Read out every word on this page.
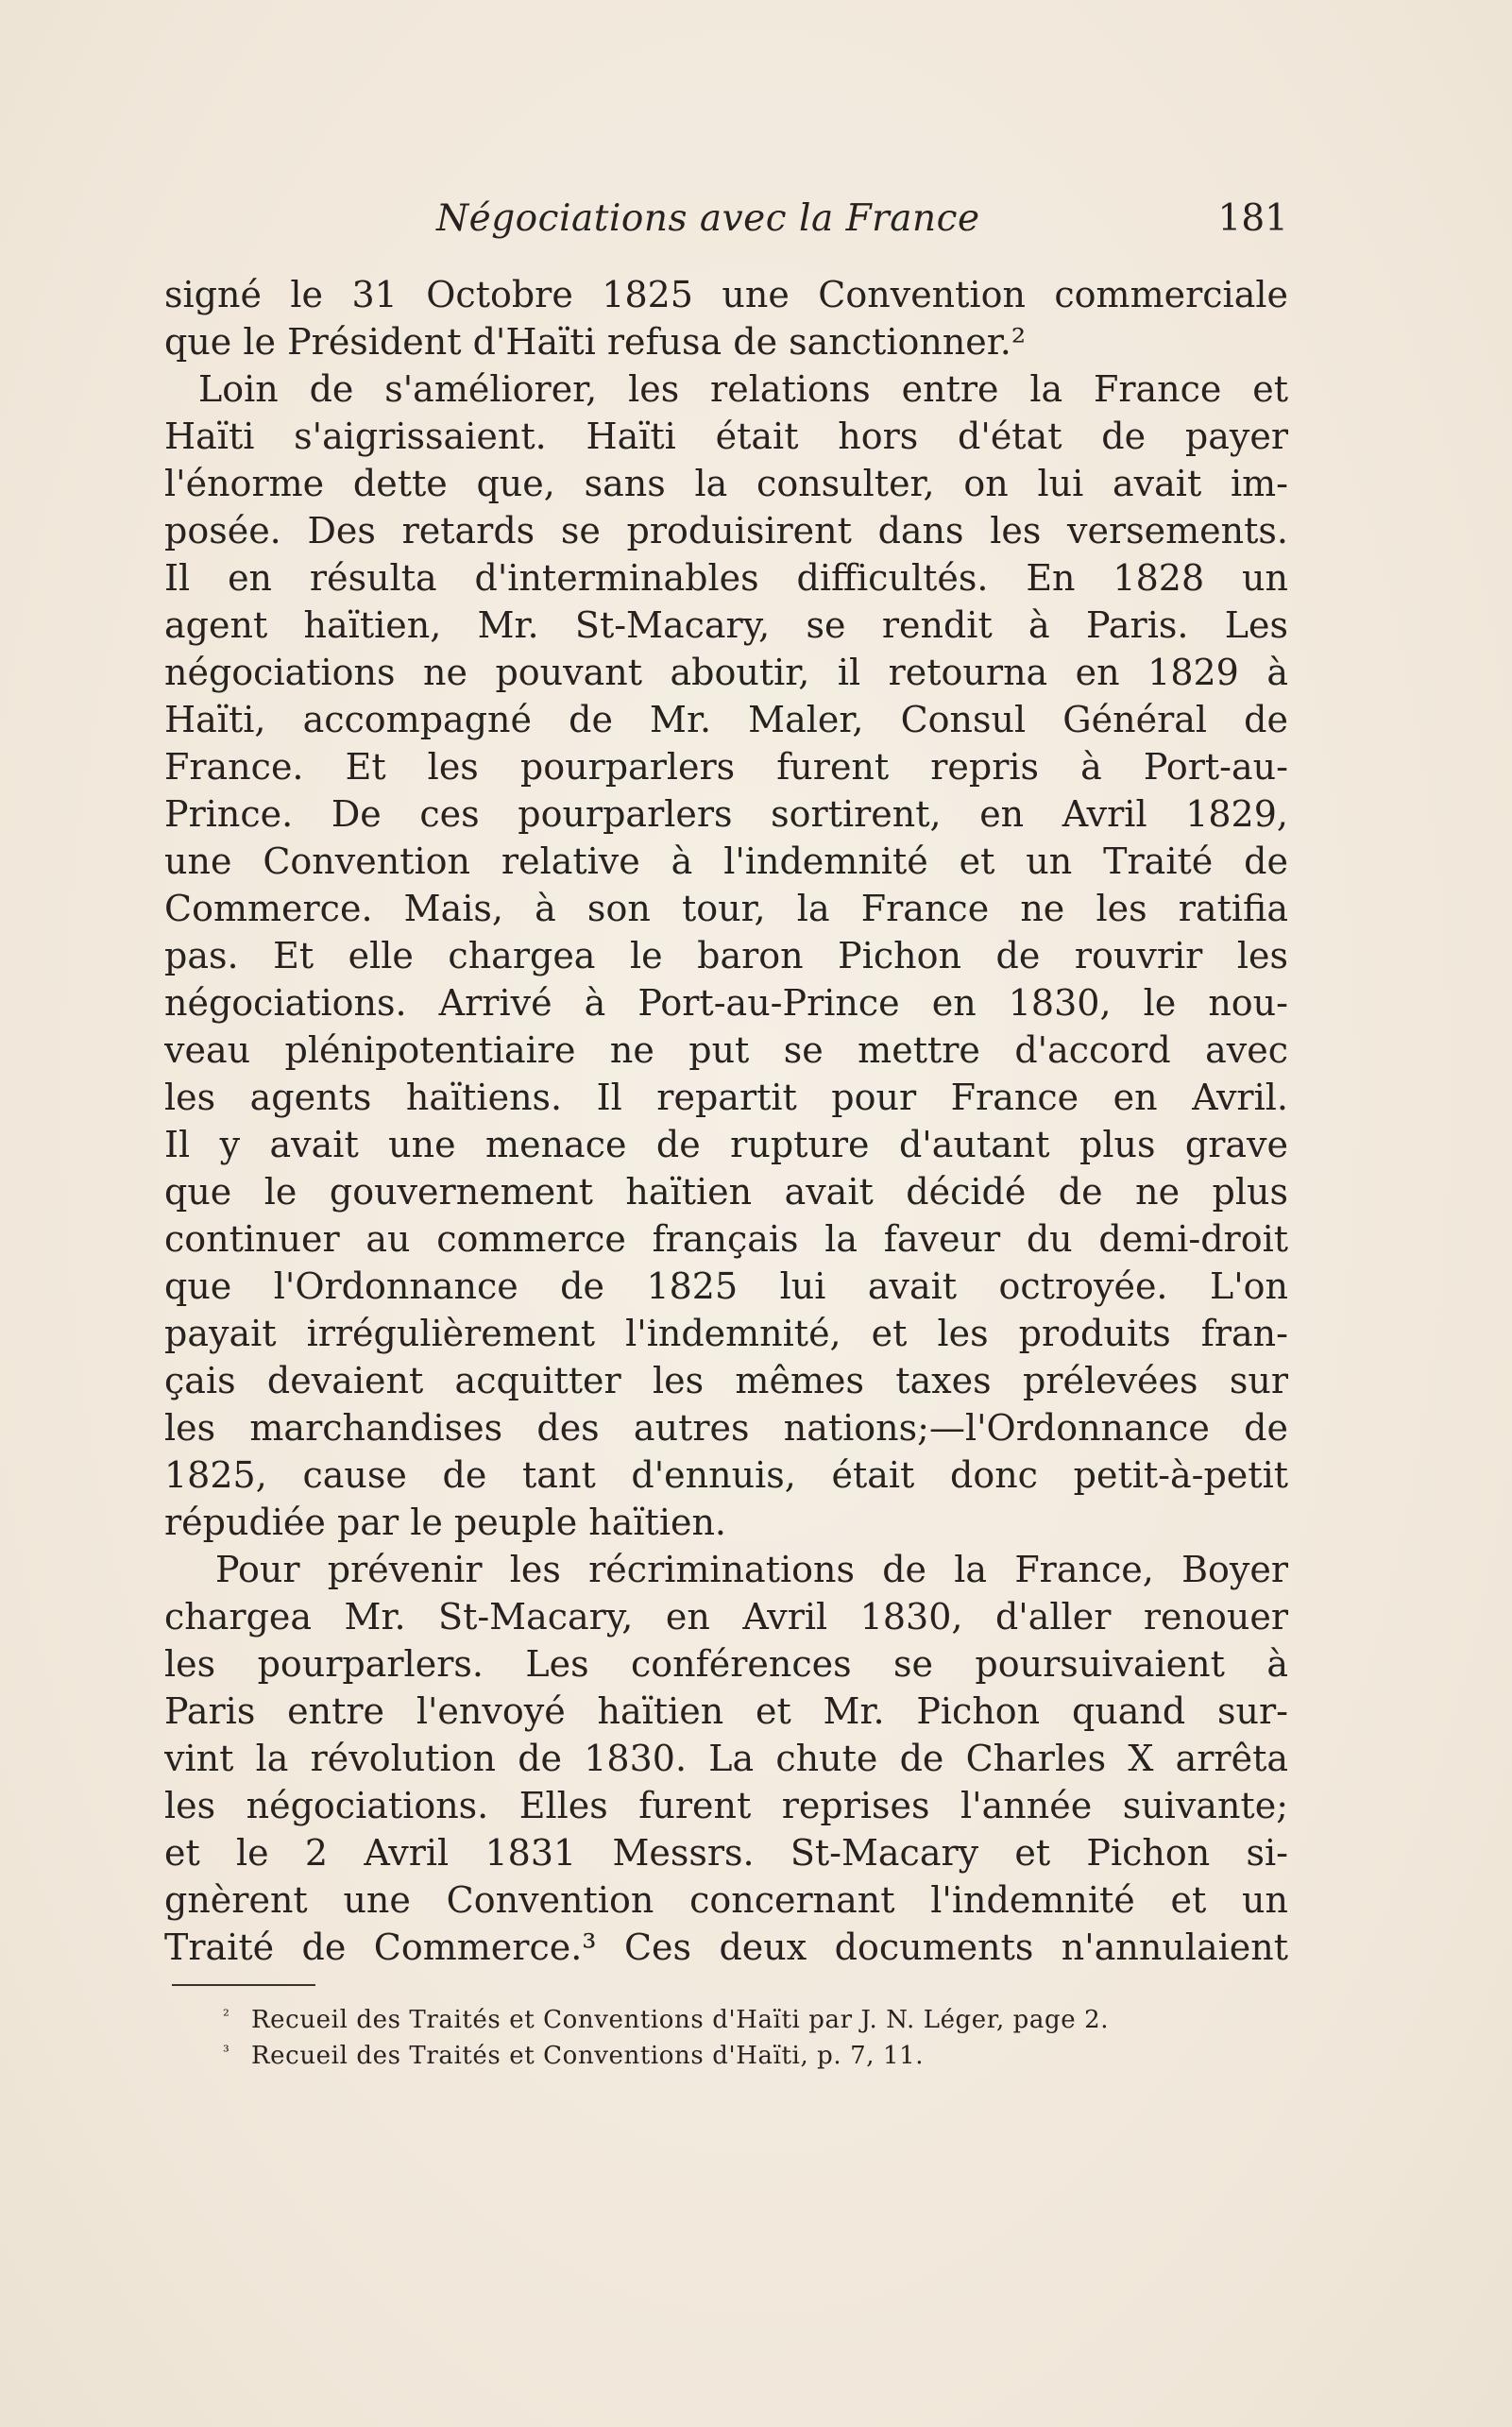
Négociations avec la France	181
signé le 31 Octobre 1825 une Convention commerciale
que le Président d'Haïti refusa de sanctionner.²
Loin de s'améliorer, les relations entre la France et
Haïti s'aigrissaient. Haïti était hors d'état de payer
l'énorme dette que, sans la consulter, on lui avait im-
posée. Des retards se produisirent dans les versements.
Il en résulta d'interminables difficultés. En 1828 un
agent haïtien, Mr. St-Macary, se rendit à Paris. Les
négociations ne pouvant aboutir, il retourna en 1829 à
Haïti, accompagné de Mr. Maler, Consul Général de
France. Et les pourparlers furent repris à Port-au-
Prince. De ces pourparlers sortirent, en Avril 1829,
une Convention relative à l'indemnité et un Traité de
Commerce. Mais, à son tour, la France ne les ratifia
pas. Et elle chargea le baron Pichon de rouvrir les
négociations. Arrivé à Port-au-Prince en 1830, le nou-
veau plénipotentiaire ne put se mettre d'accord avec
les agents haïtiens. Il repartit pour France en Avril.
Il y avait une menace de rupture d'autant plus grave
que le gouvernement haïtien avait décidé de ne plus
continuer au commerce français la faveur du demi-droit
que l'Ordonnance de 1825 lui avait octroyée. L'on
payait irrégulièrement l'indemnité, et les produits fran-
çais devaient acquitter les mêmes taxes prélevées sur
les marchandises des autres nations;—l'Ordonnance de
1825, cause de tant d'ennuis, était donc petit-à-petit
répudiée par le peuple haïtien.
Pour prévenir les récriminations de la France, Boyer
chargea Mr. St-Macary, en Avril 1830, d'aller renouer
les pourparlers. Les conférences se poursuivaient à
Paris entre l'envoyé haïtien et Mr. Pichon quand sur-
vint la révolution de 1830. La chute de Charles X arrêta
les négociations. Elles furent reprises l'année suivante;
et le 2 Avril 1831 Messrs. St-Macary et Pichon si-
gnèrent une Convention concernant l'indemnité et un
Traité de Commerce.³ Ces deux documents n'annulaient
² Recueil des Traités et Conventions d'Haïti par J. N. Léger, page 2.
³ Recueil des Traités et Conventions d'Haïti, p. 7, 11.
